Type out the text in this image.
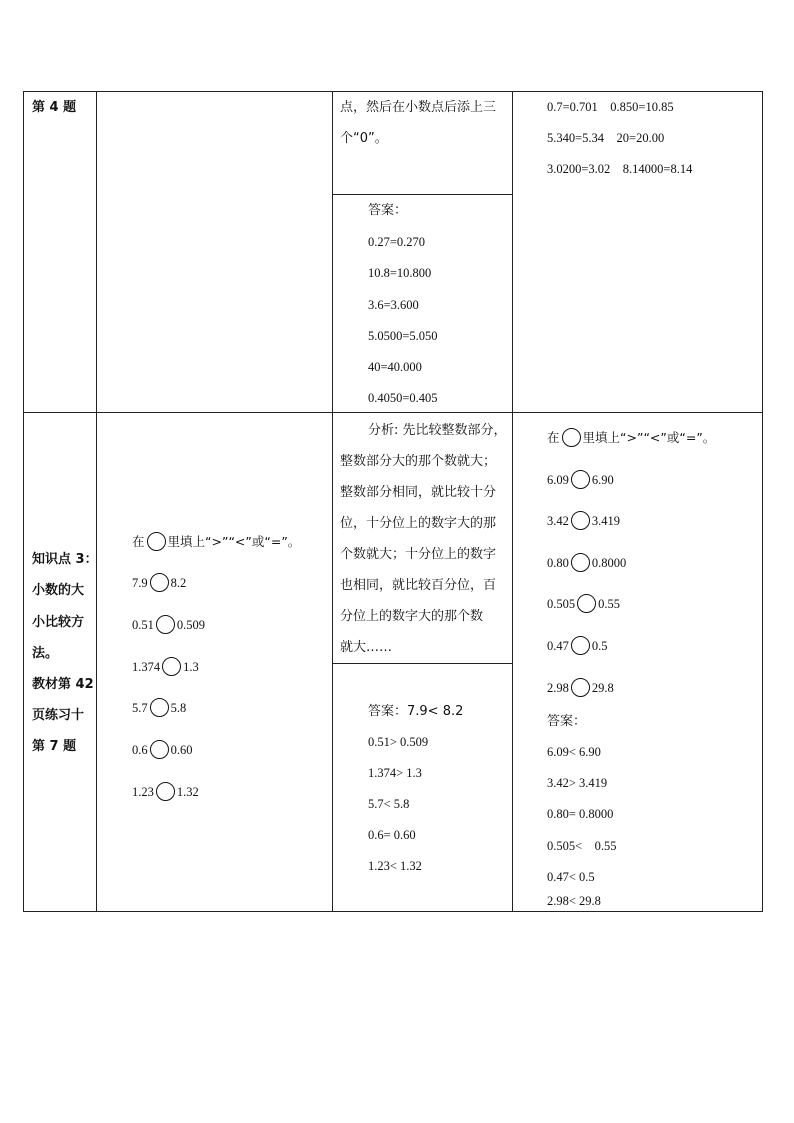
第 4 题	点，然后在小数点后添上三
个“0”。
答案：
0.27=0.270
10.8=10.800
3.6=3.600
5.0500=5.050
40=40.000
0.4050=0.405
0.7=0.701    0.850=10.85
5.340=5.34    20=20.00
3.0200=3.02    8.14000=8.14
知识点 3：
小数的大
小比较方
法。
教材第 42
页练习十
第 7 题
在 里填上“>”“<”或“=”。
7.9 8.2
0.51 0.509
1.374 1.3
5.7 5.8
0.6 0.60
1.23 1.32
分析: 先比较整数部分，
整数部分大的那个数就大；
整数部分相同，就比较十分
位，十分位上的数字大的那
个数就大；十分位上的数字
也相同，就比较百分位，百
分位上的数字大的那个数
就大……
答案：7.9< 8.2
0.51> 0.509
1.374> 1.3
5.7< 5.8
0.6= 0.60
1.23< 1.32
在 里填上“>”“<”或“=”。
6.09 6.90
3.42 3.419
0.80 0.8000
0.505 0.55
0.47 0.5
2.98 29.8
答案：
6.09< 6.90
3.42> 3.419
0.80= 0.8000
0.505<    0.55
0.47< 0.5
2.98< 29.8
